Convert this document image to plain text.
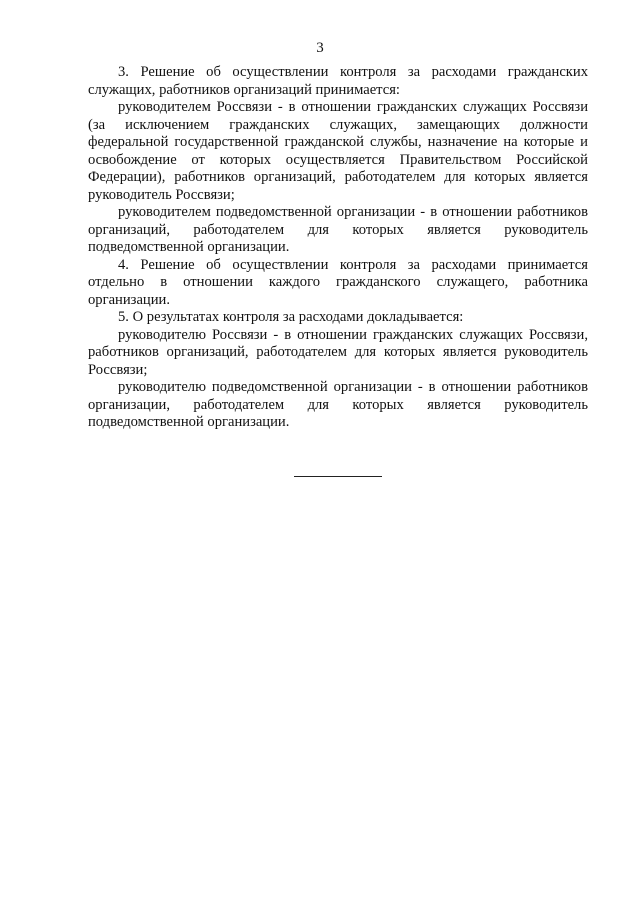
3

3. Решение об осуществлении контроля за расходами гражданских служащих, работников организаций принимается:

руководителем Россвязи - в отношении гражданских служащих Россвязи (за исключением гражданских служащих, замещающих должности федеральной государственной гражданской службы, назначение на которые и освобождение от которых осуществляется Правительством Российской Федерации), работников организаций, работодателем для которых является руководитель Россвязи;

руководителем подведомственной организации - в отношении работников организаций, работодателем для которых является руководитель подведомственной организации.

4. Решение об осуществлении контроля за расходами принимается отдельно в отношении каждого гражданского служащего, работника организации.

5. О результатах контроля за расходами докладывается:

руководителю Россвязи - в отношении гражданских служащих Россвязи, работников организаций, работодателем для которых является руководитель Россвязи;

руководителю подведомственной организации - в отношении работников организации, работодателем для которых является руководитель подведомственной организации.
